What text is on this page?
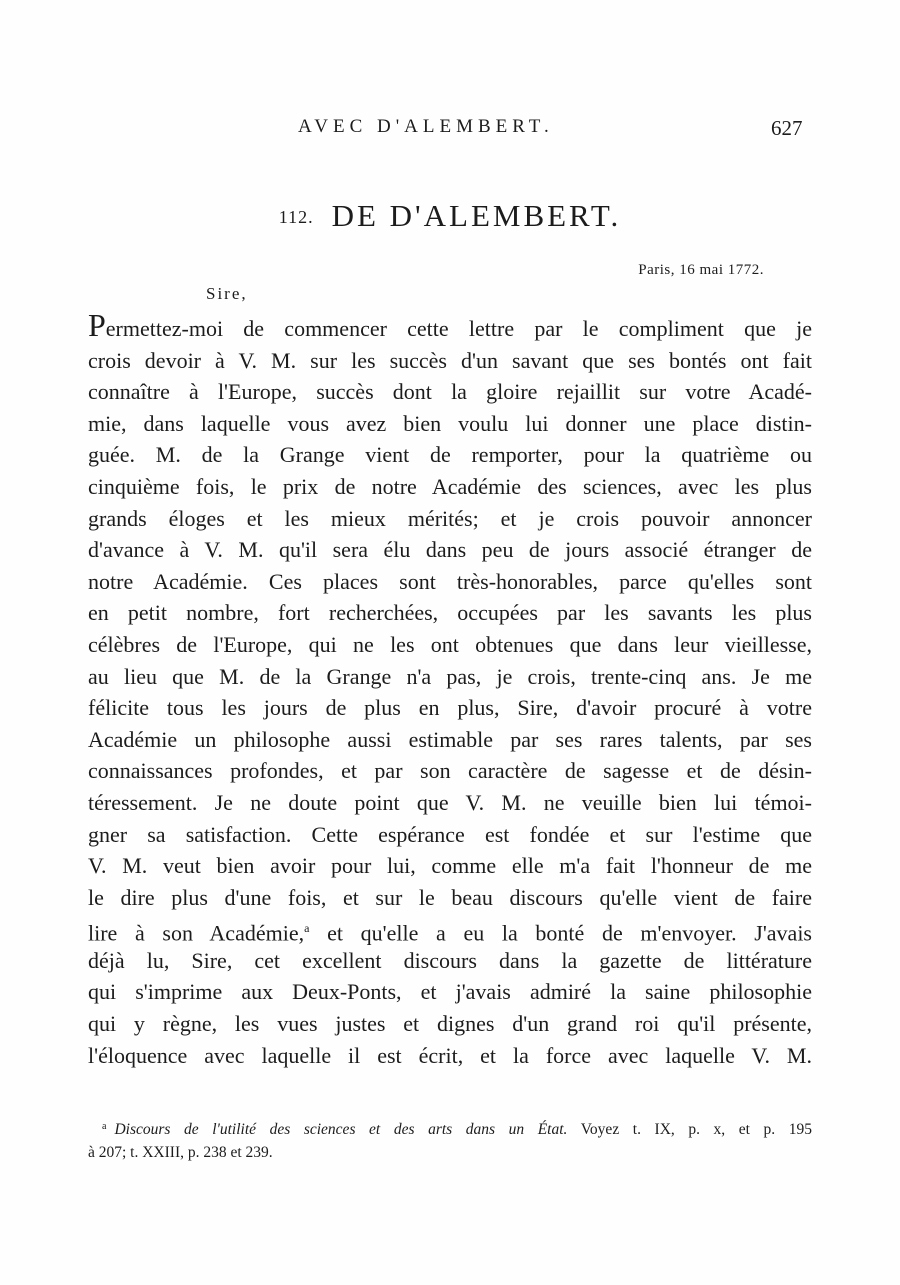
AVEC D'ALEMBERT.	627
112. DE D'ALEMBERT.
Paris, 16 mai 1772.
Sire,
Permettez-moi de commencer cette lettre par le compliment que je
crois devoir à V. M. sur les succès d'un savant que ses bontés ont fait
connaître à l'Europe, succès dont la gloire rejaillit sur votre Acadé-
mie, dans laquelle vous avez bien voulu lui donner une place distin-
guée. M. de la Grange vient de remporter, pour la quatrième ou
cinquième fois, le prix de notre Académie des sciences, avec les plus
grands éloges et les mieux mérités; et je crois pouvoir annoncer
d'avance à V. M. qu'il sera élu dans peu de jours associé étranger de
notre Académie. Ces places sont très-honorables, parce qu'elles sont
en petit nombre, fort recherchées, occupées par les savants les plus
célèbres de l'Europe, qui ne les ont obtenues que dans leur vieillesse,
au lieu que M. de la Grange n'a pas, je crois, trente-cinq ans. Je me
félicite tous les jours de plus en plus, Sire, d'avoir procuré à votre
Académie un philosophe aussi estimable par ses rares talents, par ses
connaissances profondes, et par son caractère de sagesse et de désin-
téressement. Je ne doute point que V. M. ne veuille bien lui témoi-
gner sa satisfaction. Cette espérance est fondée et sur l'estime que
V. M. veut bien avoir pour lui, comme elle m'a fait l'honneur de me
le dire plus d'une fois, et sur le beau discours qu'elle vient de faire
lire à son Académie,$^a$ et qu'elle a eu la bonté de m'envoyer. J'avais
déjà lu, Sire, cet excellent discours dans la gazette de littérature
qui s'imprime aux Deux-Ponts, et j'avais admiré la saine philosophie
qui y règne, les vues justes et dignes d'un grand roi qu'il présente,
l'éloquence avec laquelle il est écrit, et la force avec laquelle V. M.
$^a$ Discours de l'utilité des sciences et des arts dans un État. Voyez t. IX, p. x, et p. 195
à 207; t. XXIII, p. 238 et 239.
